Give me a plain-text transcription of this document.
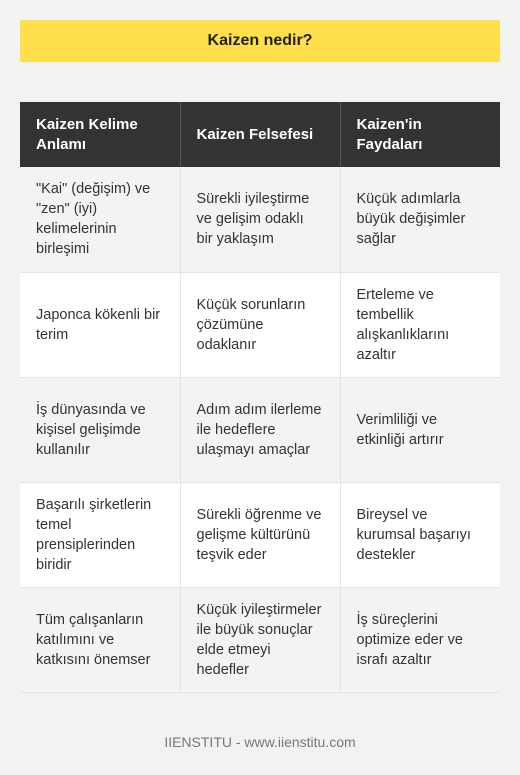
Kaizen nedir?
Kaizen Kelime Anlamı	Kaizen Felsefesi	Kaizen'in Faydaları
"Kai" (değişim) ve "zen" (iyi) kelimelerinin birleşimi	Sürekli iyileştirme ve gelişim odaklı bir yaklaşım	Küçük adımlarla büyük değişimler sağlar
Japonca kökenli bir terim	Küçük sorunların çözümüne odaklanır	Erteleme ve tembellik alışkanlıklarını azaltır
İş dünyasında ve kişisel gelişimde kullanılır	Adım adım ilerleme ile hedeflere ulaşmayı amaçlar	Verimliliği ve etkinliği artırır
Başarılı şirketlerin temel prensiplerinden biridir	Sürekli öğrenme ve gelişme kültürünü teşvik eder	Bireysel ve kurumsal başarıyı destekler
Tüm çalışanların katılımını ve katkısını önemser	Küçük iyileştirmeler ile büyük sonuçlar elde etmeyi hedefler	İş süreçlerini optimize eder ve israfı azaltır
IIENSTITU - www.iienstitu.com
